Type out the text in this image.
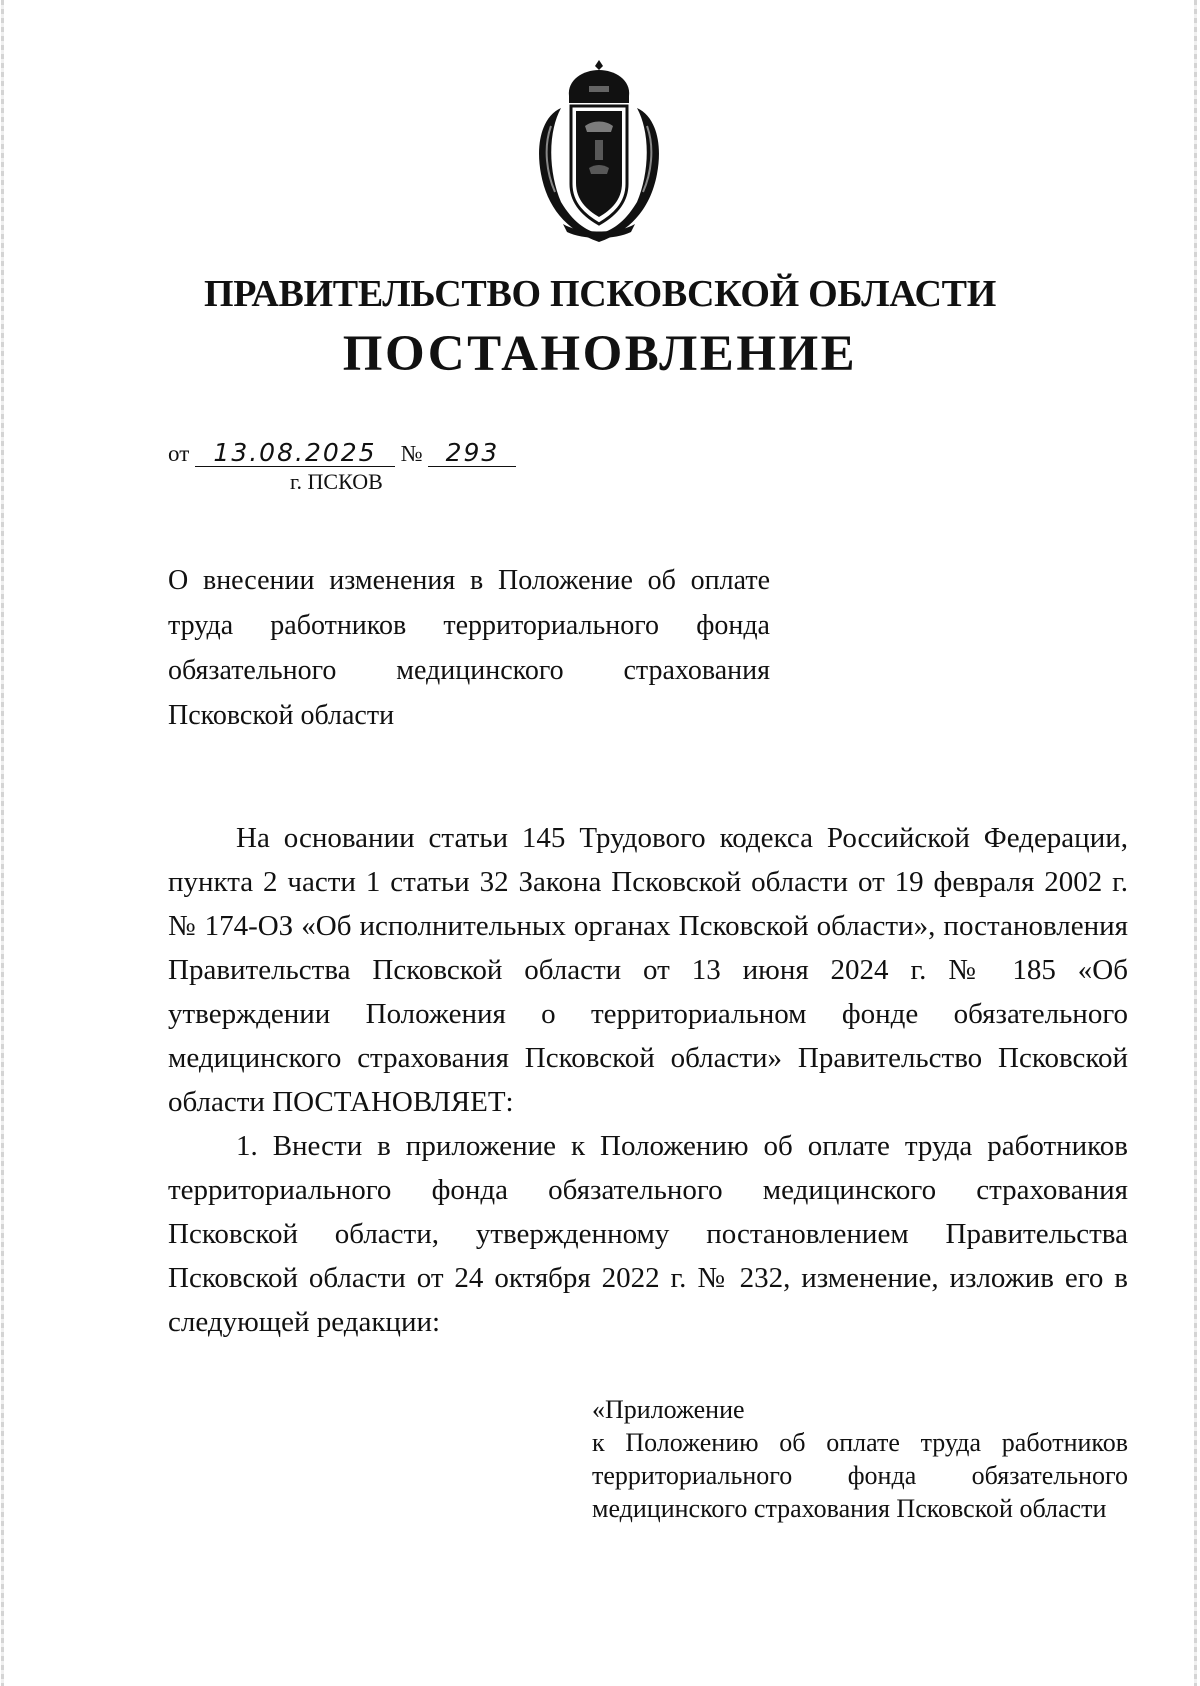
ПРАВИТЕЛЬСТВО ПСКОВСКОЙ ОБЛАСТИ
ПОСТАНОВЛЕНИЕ
от 13.08.2025 № 293
г. ПСКОВ

О внесении изменения в Положение об оплате труда работников территориального фонда обязательного медицинского страхования Псковской области

На основании статьи 145 Трудового кодекса Российской Федерации, пункта 2 части 1 статьи 32 Закона Псковской области от 19 февраля 2002 г. № 174-ОЗ «Об исполнительных органах Псковской области», постановления Правительства Псковской области от 13 июня 2024 г. № 185 «Об утверждении Положения о территориальном фонде обязательного медицинского страхования Псковской области» Правительство Псковской области ПОСТАНОВЛЯЕТ:

1. Внести в приложение к Положению об оплате труда работников территориального фонда обязательного медицинского страхования Псковской области, утвержденному постановлением Правительства Псковской области от 24 октября 2022 г. № 232, изменение, изложив его в следующей редакции:

«Приложение
к Положению об оплате труда работников территориального фонда обязательного медицинского страхования Псковской области
